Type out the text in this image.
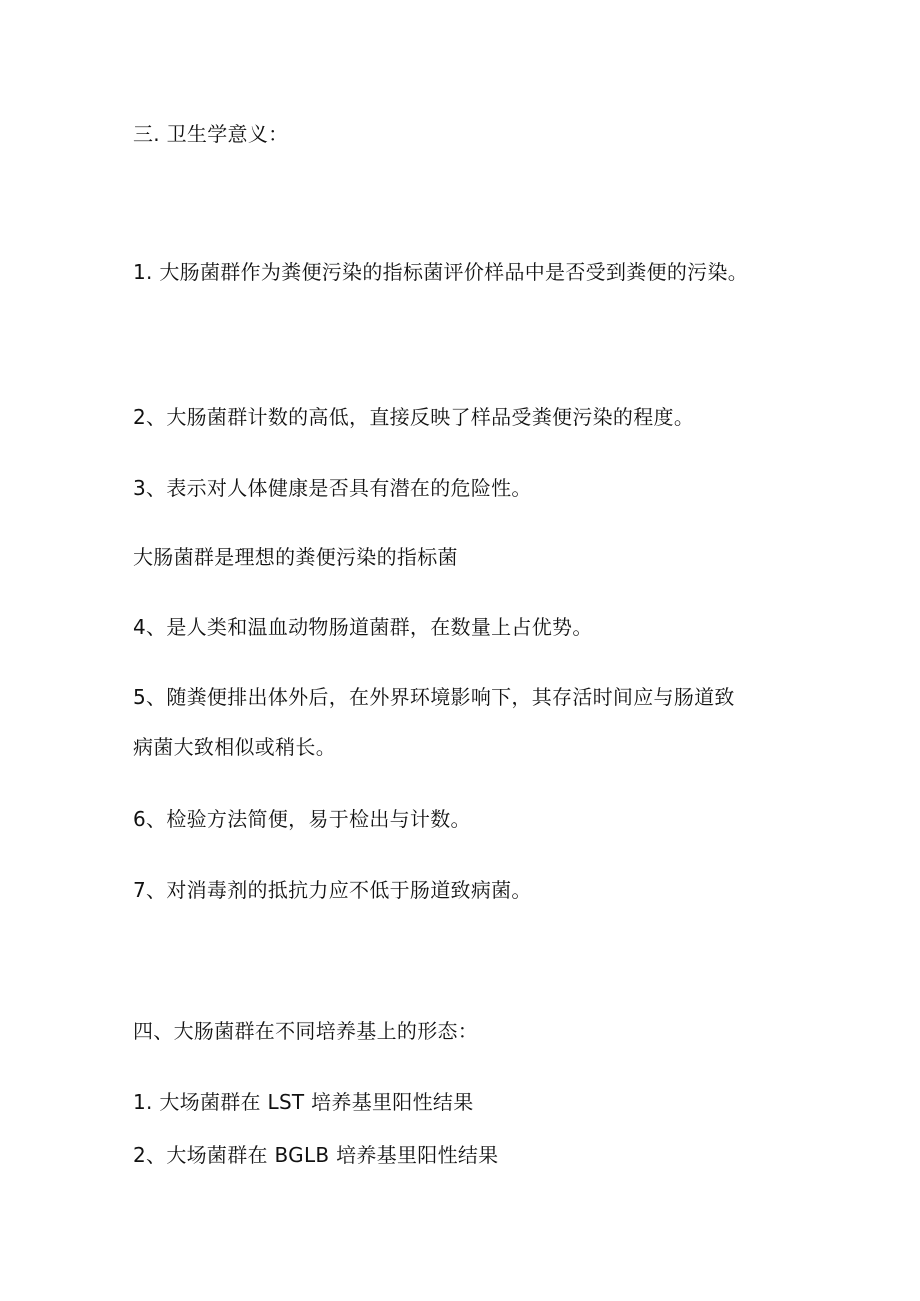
三. 卫生学意义：

1. 大肠菌群作为粪便污染的指标菌评价样品中是否受到粪便的污染。

2、大肠菌群计数的高低，直接反映了样品受粪便污染的程度。

3、表示对人体健康是否具有潜在的危险性。

大肠菌群是理想的粪便污染的指标菌

4、是人类和温血动物肠道菌群，在数量上占优势。

5、随粪便排出体外后，在外界环境影响下，其存活时间应与肠道致

病菌大致相似或稍长。

6、检验方法简便，易于检出与计数。

7、对消毒剂的抵抗力应不低于肠道致病菌。

四、大肠菌群在不同培养基上的形态：

1. 大场菌群在 LST 培养基里阳性结果

2、大场菌群在 BGLB 培养基里阳性结果
